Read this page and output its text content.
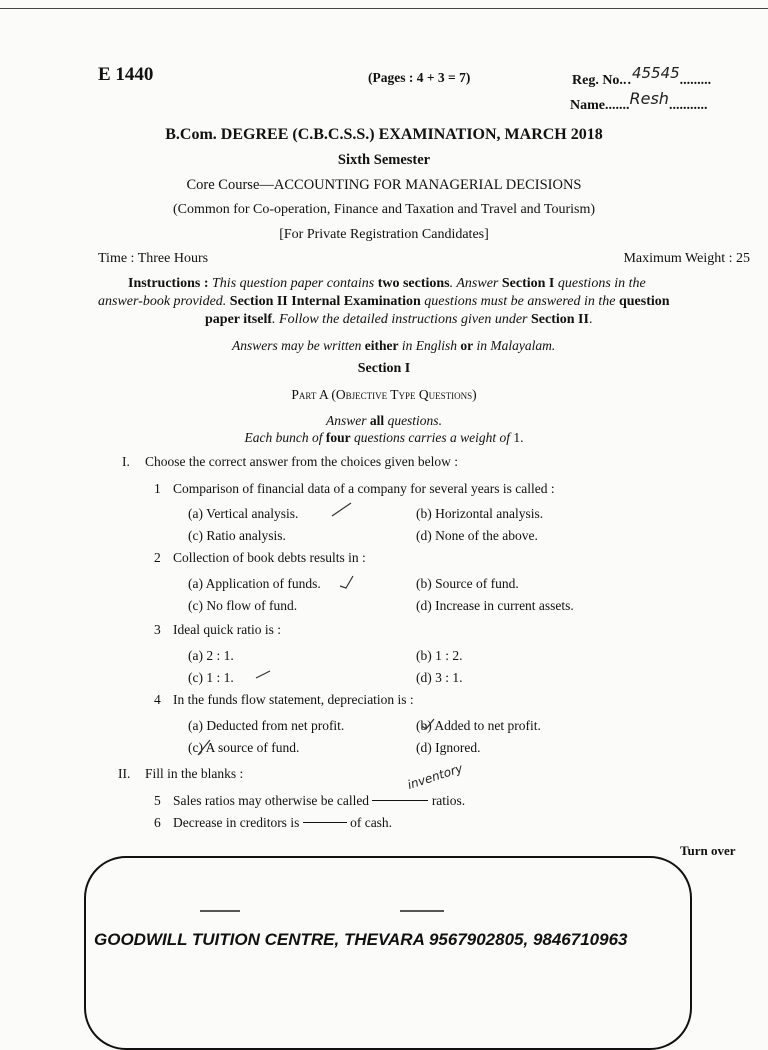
E 1440	(Pages : 4 + 3 = 7)	Reg. No...45545.........
Name.......Resh...........
B.Com. DEGREE (C.B.C.S.S.) EXAMINATION, MARCH 2018
Sixth Semester
Core Course—ACCOUNTING FOR MANAGERIAL DECISIONS
(Common for Co-operation, Finance and Taxation and Travel and Tourism)
[For Private Registration Candidates]
Time : Three Hours	Maximum Weight : 25
Instructions : This question paper contains two sections. Answer Section I questions in the
answer-book provided. Section II Internal Examination questions must be answered in the question
paper itself. Follow the detailed instructions given under Section II.
Answers may be written either in English or in Malayalam.
Section I
Part A (Objective Type Questions)
Answer all questions.
Each bunch of four questions carries a weight of 1.
I. Choose the correct answer from the choices given below :
1 Comparison of financial data of a company for several years is called :
(a) Vertical analysis.	(b) Horizontal analysis.
(c) Ratio analysis.	(d) None of the above.
2 Collection of book debts results in :
(a) Application of funds.	(b) Source of fund.
(c) No flow of fund.	(d) Increase in current assets.
3 Ideal quick ratio is :
(a) 2 : 1.	(b) 1 : 2.
(c) 1 : 1.	(d) 3 : 1.
4 In the funds flow statement, depreciation is :
(a) Deducted from net profit.	(b) Added to net profit.
(c) A source of fund.	(d) Ignored.
II. Fill in the blanks :
5 Sales ratios may otherwise be called	ratios.
inventory
6 Decrease in creditors is	of cash.
Turn over
GOODWILL TUITION CENTRE, THEVARA 9567902805, 9846710963
